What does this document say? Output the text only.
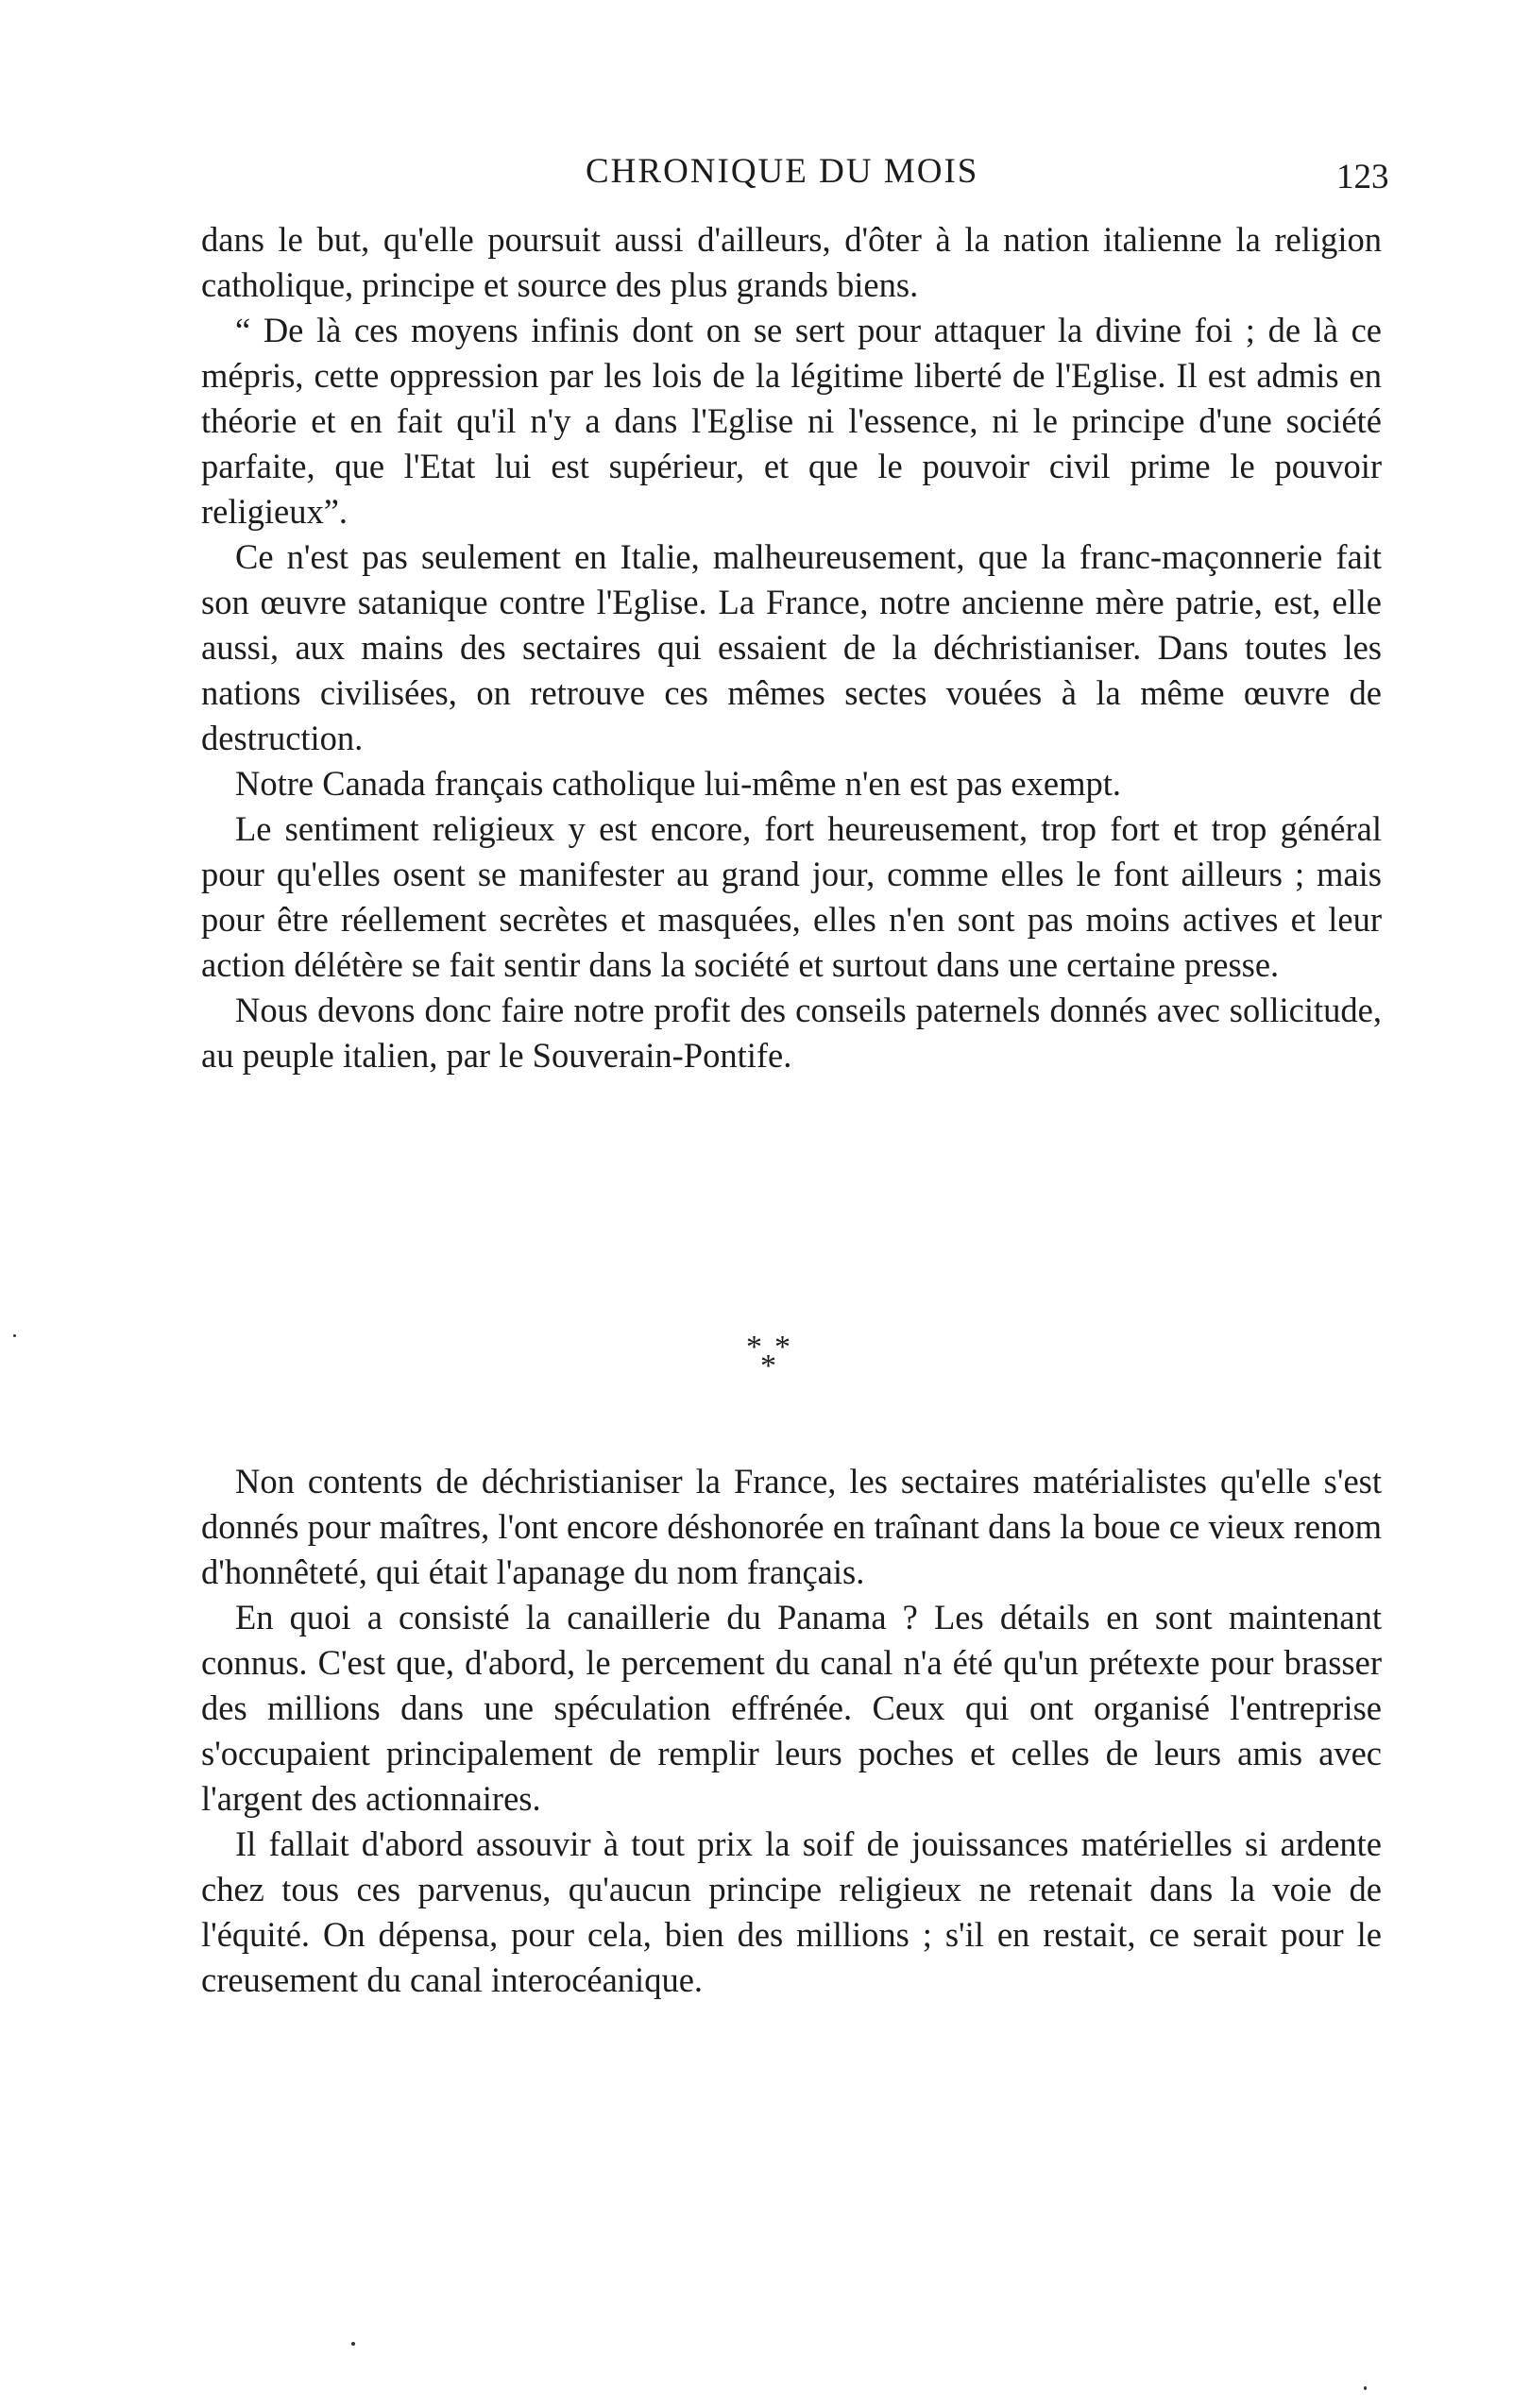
CHRONIQUE DU MOIS	123

dans le but, qu'elle poursuit aussi d'ailleurs, d'ôter à la nation italienne la religion catholique, principe et source des plus grands biens.

“ De là ces moyens infinis dont on se sert pour attaquer la divine foi ; de là ce mépris, cette oppression par les lois de la légitime liberté de l'Eglise. Il est admis en théorie et en fait qu'il n'y a dans l'Eglise ni l'essence, ni le principe d'une société parfaite, que l'Etat lui est supérieur, et que le pouvoir civil prime le pouvoir religieux”.

Ce n'est pas seulement en Italie, malheureusement, que la franc-maçonnerie fait son œuvre satanique contre l'Eglise. La France, notre ancienne mère patrie, est, elle aussi, aux mains des sectaires qui essaient de la déchristianiser. Dans toutes les nations civilisées, on retrouve ces mêmes sectes vouées à la même œuvre de destruction.

Notre Canada français catholique lui-même n'en est pas exempt.

Le sentiment religieux y est encore, fort heureusement, trop fort et trop général pour qu'elles osent se manifester au grand jour, comme elles le font ailleurs ; mais pour être réellement secrètes et masquées, elles n'en sont pas moins actives et leur action délétère se fait sentir dans la société et surtout dans une certaine presse.

Nous devons donc faire notre profit des conseils paternels donnés avec sollicitude, au peuple italien, par le Souverain-Pontife.

* *
*

Non contents de déchristianiser la France, les sectaires matérialistes qu'elle s'est donnés pour maîtres, l'ont encore déshonorée en traînant dans la boue ce vieux renom d'honnêteté, qui était l'apanage du nom français.

En quoi a consisté la canaillerie du Panama ? Les détails en sont maintenant connus. C'est que, d'abord, le percement du canal n'a été qu'un prétexte pour brasser des millions dans une spéculation effrénée. Ceux qui ont organisé l'entreprise s'occupaient principalement de remplir leurs poches et celles de leurs amis avec l'argent des actionnaires.

Il fallait d'abord assouvir à tout prix la soif de jouissances matérielles si ardente chez tous ces parvenus, qu'aucun principe religieux ne retenait dans la voie de l'équité. On dépensa, pour cela, bien des millions ; s'il en restait, ce serait pour le creusement du canal interocéanique.
